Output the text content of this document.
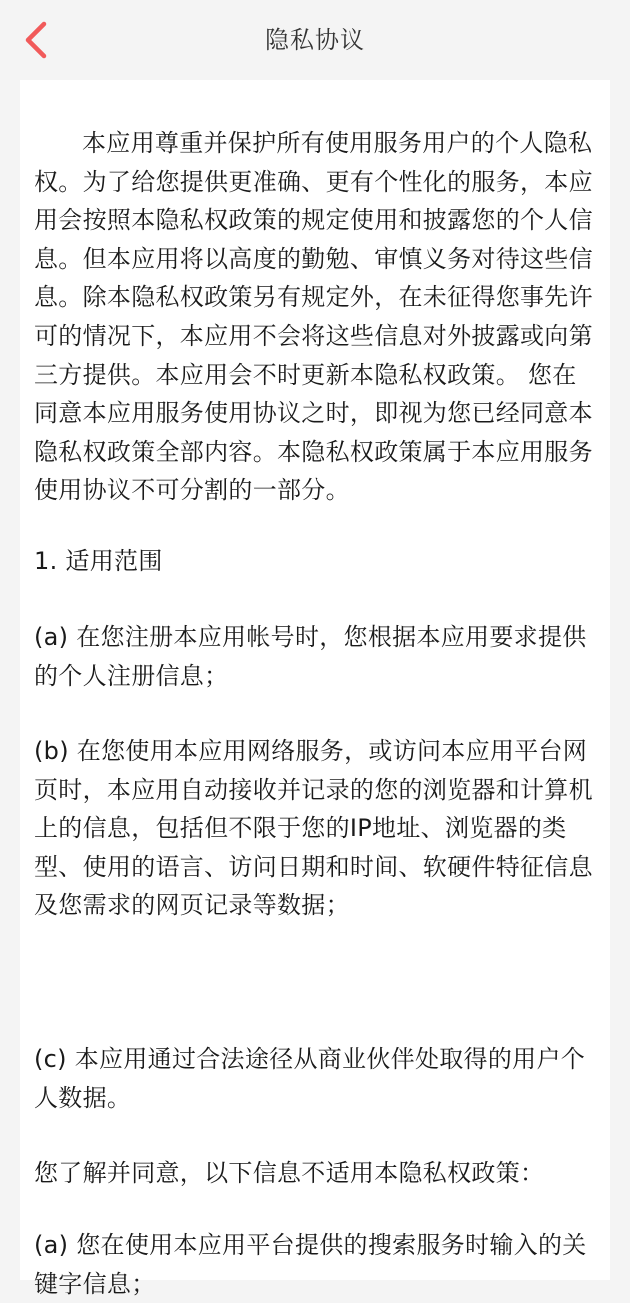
隐私协议

本应用尊重并保护所有使用服务用户的个人隐私权。为了给您提供更准确、更有个性化的服务，本应用会按照本隐私权政策的规定使用和披露您的个人信息。但本应用将以高度的勤勉、审慎义务对待这些信息。除本隐私权政策另有规定外，在未征得您事先许可的情况下，本应用不会将这些信息对外披露或向第三方提供。本应用会不时更新本隐私权政策。 您在同意本应用服务使用协议之时，即视为您已经同意本隐私权政策全部内容。本隐私权政策属于本应用服务使用协议不可分割的一部分。

1. 适用范围

(a) 在您注册本应用帐号时，您根据本应用要求提供的个人注册信息；

(b) 在您使用本应用网络服务，或访问本应用平台网页时，本应用自动接收并记录的您的浏览器和计算机上的信息，包括但不限于您的IP地址、浏览器的类型、使用的语言、访问日期和时间、软硬件特征信息及您需求的网页记录等数据；

(c) 本应用通过合法途径从商业伙伴处取得的用户个人数据。

您了解并同意，以下信息不适用本隐私权政策：

(a) 您在使用本应用平台提供的搜索服务时输入的关键字信息；
